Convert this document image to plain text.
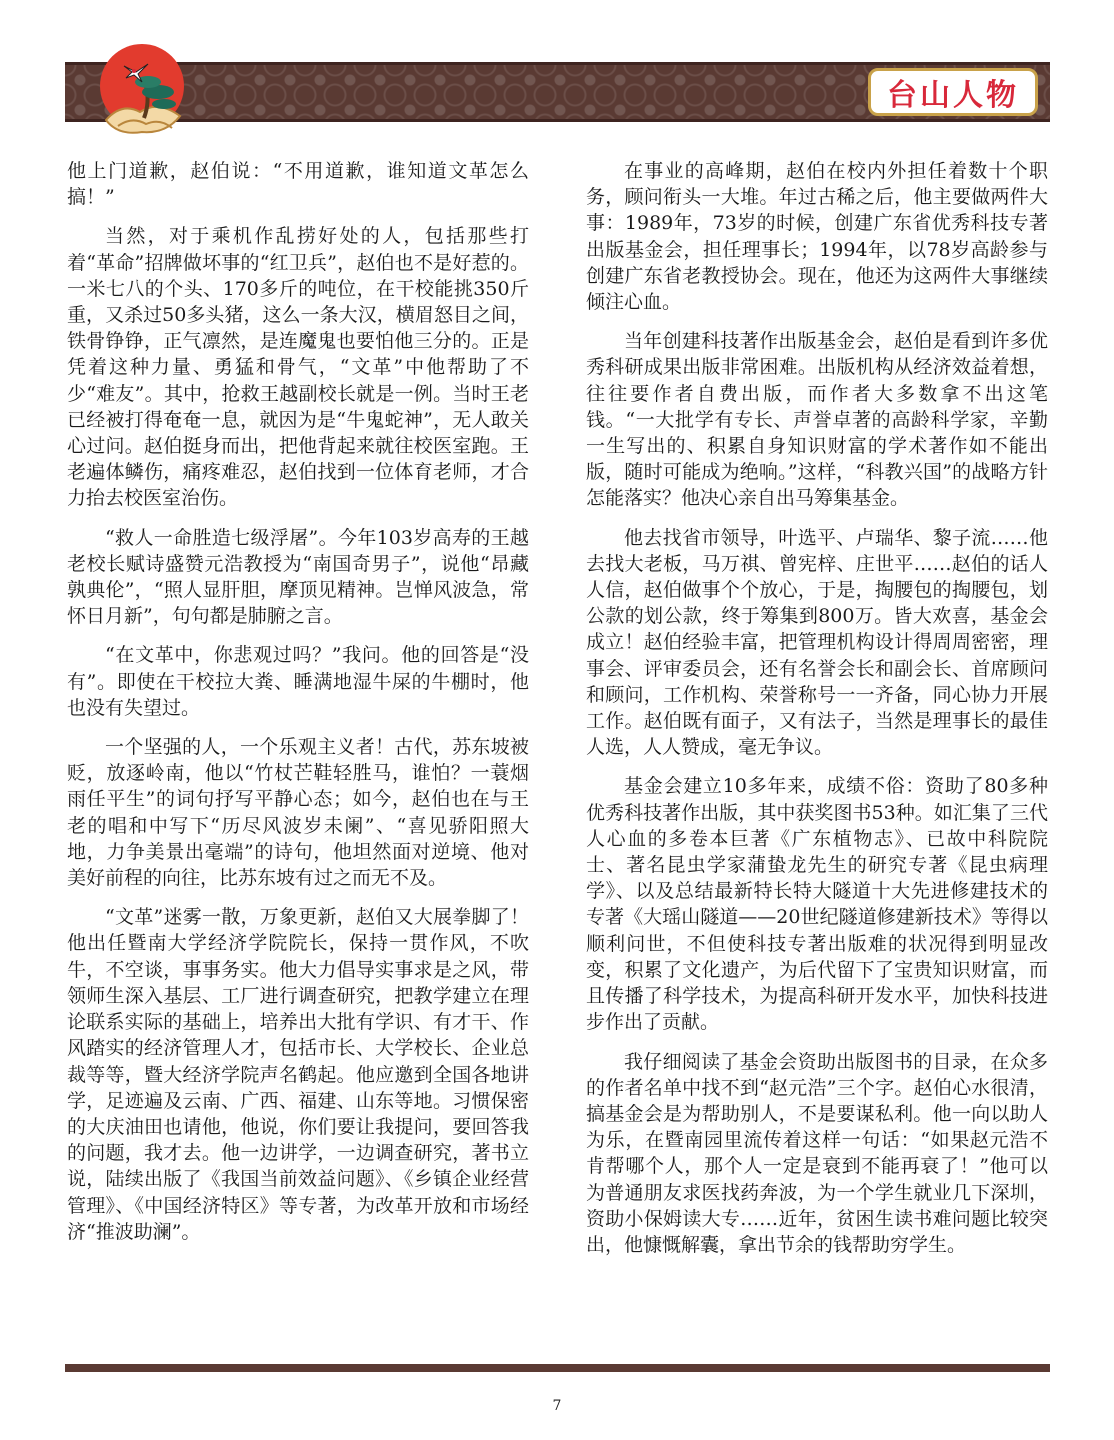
台山人物

他上门道歉，赵伯说：“不用道歉，谁知道文革怎么搞！”

当然，对于乘机作乱捞好处的人，包括那些打着“革命”招牌做坏事的“红卫兵”，赵伯也不是好惹的。一米七八的个头、170多斤的吨位，在干校能挑350斤重，又杀过50多头猪，这么一条大汉，横眉怒目之间，铁骨铮铮，正气凛然，是连魔鬼也要怕他三分的。正是凭着这种力量、勇猛和骨气，“文革”中他帮助了不少“难友”。其中，抢救王越副校长就是一例。当时王老已经被打得奄奄一息，就因为是“牛鬼蛇神”，无人敢关心过问。赵伯挺身而出，把他背起来就往校医室跑。王老遍体鳞伤，痛疼难忍，赵伯找到一位体育老师，才合力抬去校医室治伤。

“救人一命胜造七级浮屠”。今年103岁高寿的王越老校长赋诗盛赞元浩教授为“南国奇男子”，说他“昂藏孰典伦”，“照人显肝胆，摩顶见精神。岂惮风波急，常怀日月新”，句句都是肺腑之言。

“在文革中，你悲观过吗？”我问。他的回答是“没有”。即使在干校拉大粪、睡满地湿牛屎的牛棚时，他也没有失望过。

一个坚强的人，一个乐观主义者！古代，苏东坡被贬，放逐岭南，他以“竹杖芒鞋轻胜马，谁怕？一蓑烟雨任平生”的词句抒写平静心态；如今，赵伯也在与王老的唱和中写下“历尽风波岁未阑”、“喜见骄阳照大地，力争美景出毫端”的诗句，他坦然面对逆境、他对美好前程的向往，比苏东坡有过之而无不及。

“文革”迷雾一散，万象更新，赵伯又大展拳脚了！他出任暨南大学经济学院院长，保持一贯作风，不吹牛，不空谈，事事务实。他大力倡导实事求是之风，带领师生深入基层、工厂进行调查研究，把教学建立在理论联系实际的基础上，培养出大批有学识、有才干、作风踏实的经济管理人才，包括市长、大学校长、企业总裁等等，暨大经济学院声名鹤起。他应邀到全国各地讲学，足迹遍及云南、广西、福建、山东等地。习惯保密的大庆油田也请他，他说，你们要让我提问，要回答我的问题，我才去。他一边讲学，一边调查研究，著书立说，陆续出版了《我国当前效益问题》、《乡镇企业经营管理》、《中国经济特区》等专著，为改革开放和市场经济“推波助澜”。

在事业的高峰期，赵伯在校内外担任着数十个职务，顾问衔头一大堆。年过古稀之后，他主要做两件大事：1989年，73岁的时候，创建广东省优秀科技专著出版基金会，担任理事长；1994年，以78岁高龄参与创建广东省老教授协会。现在，他还为这两件大事继续倾注心血。

当年创建科技著作出版基金会，赵伯是看到许多优秀科研成果出版非常困难。出版机构从经济效益着想，往往要作者自费出版，而作者大多数拿不出这笔钱。“一大批学有专长、声誉卓著的高龄科学家，辛勤一生写出的、积累自身知识财富的学术著作如不能出版，随时可能成为绝响。”这样，“科教兴国”的战略方针怎能落实？他决心亲自出马筹集基金。

他去找省市领导，叶选平、卢瑞华、黎子流……他去找大老板，马万祺、曾宪梓、庄世平……赵伯的话人人信，赵伯做事个个放心，于是，掏腰包的掏腰包，划公款的划公款，终于筹集到800万。皆大欢喜，基金会成立！赵伯经验丰富，把管理机构设计得周周密密，理事会、评审委员会，还有名誉会长和副会长、首席顾问和顾问，工作机构、荣誉称号一一齐备，同心协力开展工作。赵伯既有面子，又有法子，当然是理事长的最佳人选，人人赞成，毫无争议。

基金会建立10多年来，成绩不俗：资助了80多种优秀科技著作出版，其中获奖图书53种。如汇集了三代人心血的多卷本巨著《广东植物志》、已故中科院院士、著名昆虫学家蒲蛰龙先生的研究专著《昆虫病理学》、以及总结最新特长特大隧道十大先进修建技术的专著《大瑶山隧道——20世纪隧道修建新技术》等得以顺利问世，不但使科技专著出版难的状况得到明显改变，积累了文化遗产，为后代留下了宝贵知识财富，而且传播了科学技术，为提高科研开发水平，加快科技进步作出了贡献。

我仔细阅读了基金会资助出版图书的目录，在众多的作者名单中找不到“赵元浩”三个字。赵伯心水很清，搞基金会是为帮助别人，不是要谋私利。他一向以助人为乐，在暨南园里流传着这样一句话：“如果赵元浩不肯帮哪个人，那个人一定是衰到不能再衰了！”他可以为普通朋友求医找药奔波，为一个学生就业几下深圳，资助小保姆读大专……近年，贫困生读书难问题比较突出，他慷慨解囊，拿出节余的钱帮助穷学生。

7
